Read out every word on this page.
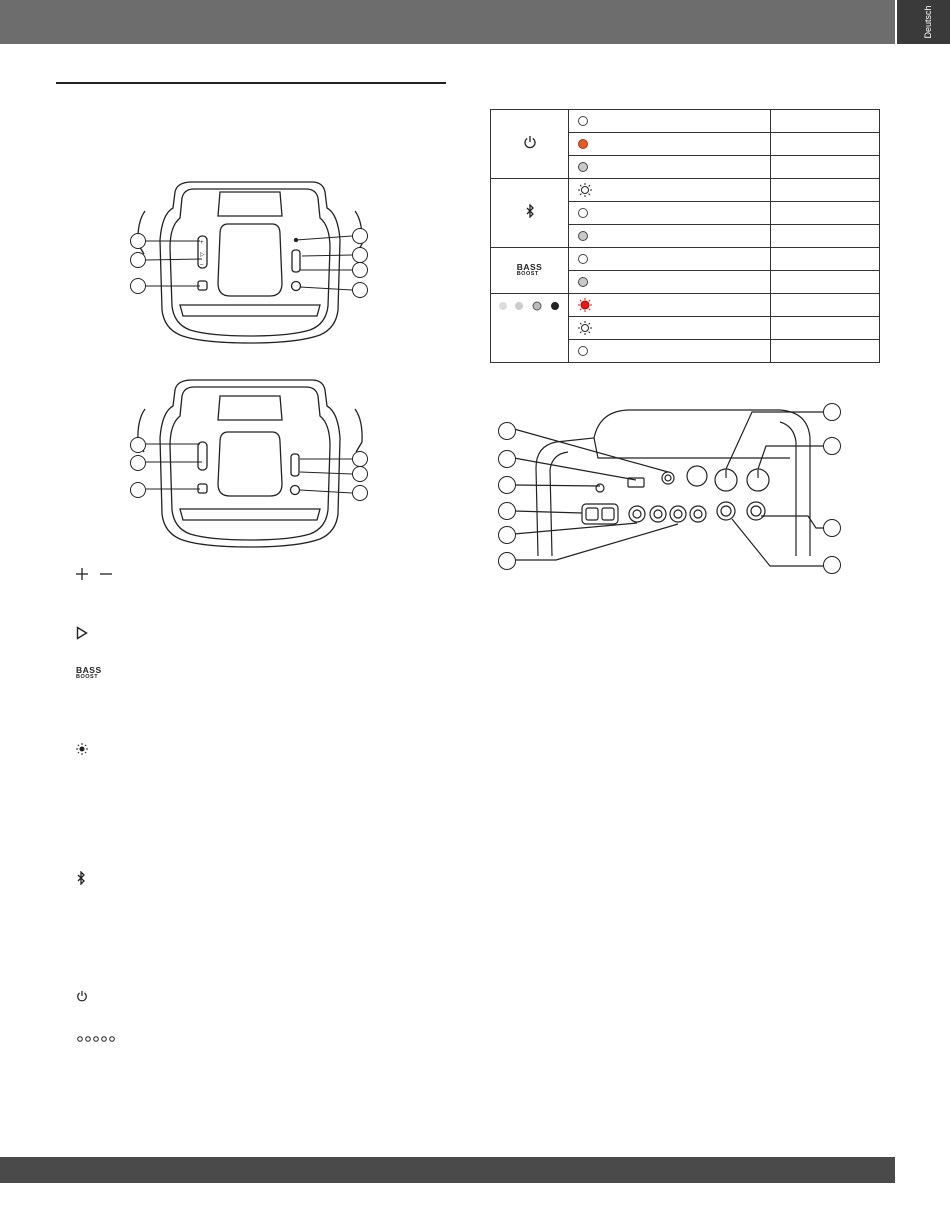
Deutsch
+
▷
–

		BASS
BOOST		

BASS
BOOST
